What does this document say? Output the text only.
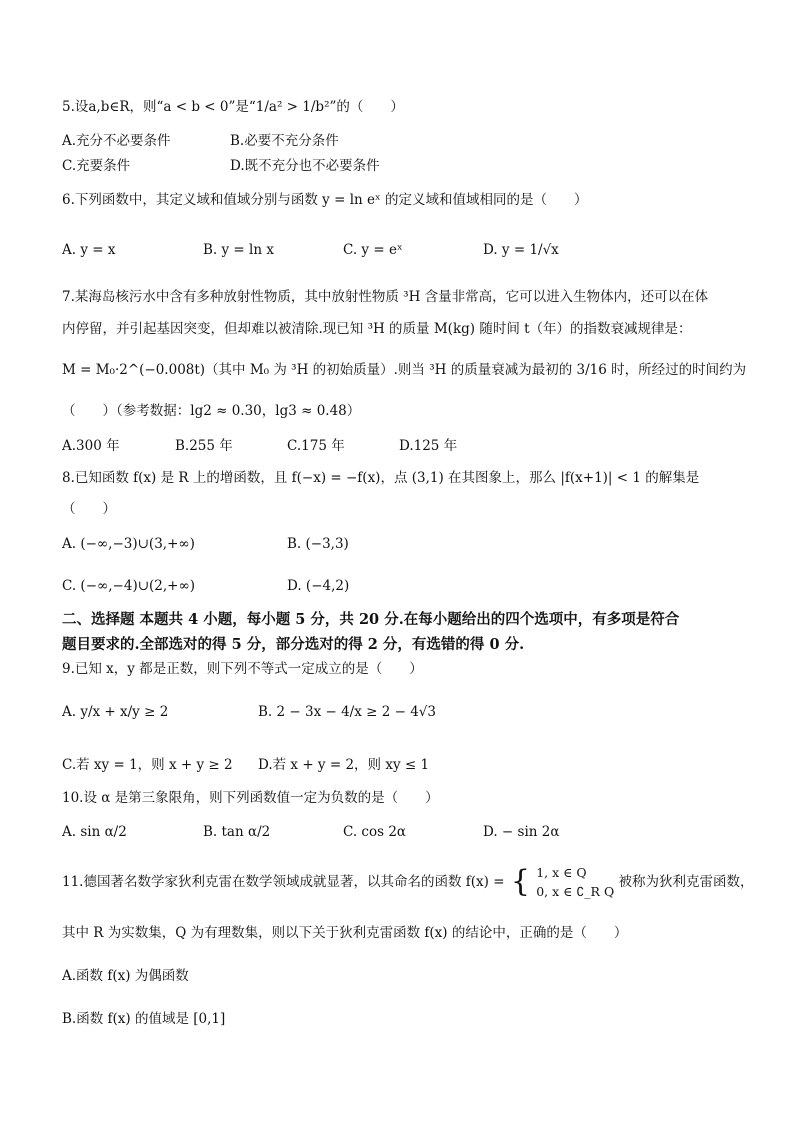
5.设a,b∈R，则“a < b < 0”是“1/a² > 1/b²”的（　　）
A.充分不必要条件	B.必要不充分条件
C.充要条件	D.既不充分也不必要条件
6.下列函数中，其定义域和值域分别与函数 y = ln eˣ 的定义域和值域相同的是（　　）
A. y = x	B. y = ln x	C. y = eˣ	D. y = 1/√x
7.某海岛核污水中含有多种放射性物质，其中放射性物质 ³H 含量非常高，它可以进入生物体内，还可以在体
内停留，并引起基因突变，但却难以被清除.现已知 ³H 的质量 M(kg) 随时间 t（年）的指数衰减规律是：
M = M₀·2^(−0.008t)（其中 M₀ 为 ³H 的初始质量）.则当 ³H 的质量衰减为最初的 3/16 时，所经过的时间约为
（　　）（参考数据：lg2 ≈ 0.30，lg3 ≈ 0.48）
A.300 年	B.255 年	C.175 年	D.125 年
8.已知函数 f(x) 是 R 上的增函数，且 f(−x) = −f(x)，点 (3,1) 在其图象上，那么 |f(x+1)| < 1 的解集是
（　　）
A. (−∞,−3)∪(3,+∞)	B. (−3,3)
C. (−∞,−4)∪(2,+∞)	D. (−4,2)
二、选择题 本题共 4 小题，每小题 5 分，共 20 分.在每小题给出的四个选项中，有多项是符合
题目要求的.全部选对的得 5 分，部分选对的得 2 分，有选错的得 0 分.
9.已知 x，y 都是正数，则下列不等式一定成立的是（　　）
A. y/x + x/y ≥ 2	B. 2 − 3x − 4/x ≥ 2 − 4√3
C.若 xy = 1，则 x + y ≥ 2 D.若 x + y = 2，则 xy ≤ 1
10.设 α 是第三象限角，则下列函数值一定为负数的是（　　）
A. sin α/2	B. tan α/2	C. cos 2α	D. − sin 2α
11.德国著名数学家狄利克雷在数学领域成就显著，以其命名的函数 f(x) = { 1, x ∈ Q
0, x ∈ ∁_R Q
被称为狄利克雷函数，
其中 R 为实数集，Q 为有理数集，则以下关于狄利克雷函数 f(x) 的结论中，正确的是（　　）
A.函数 f(x) 为偶函数
B.函数 f(x) 的值域是 [0,1]
